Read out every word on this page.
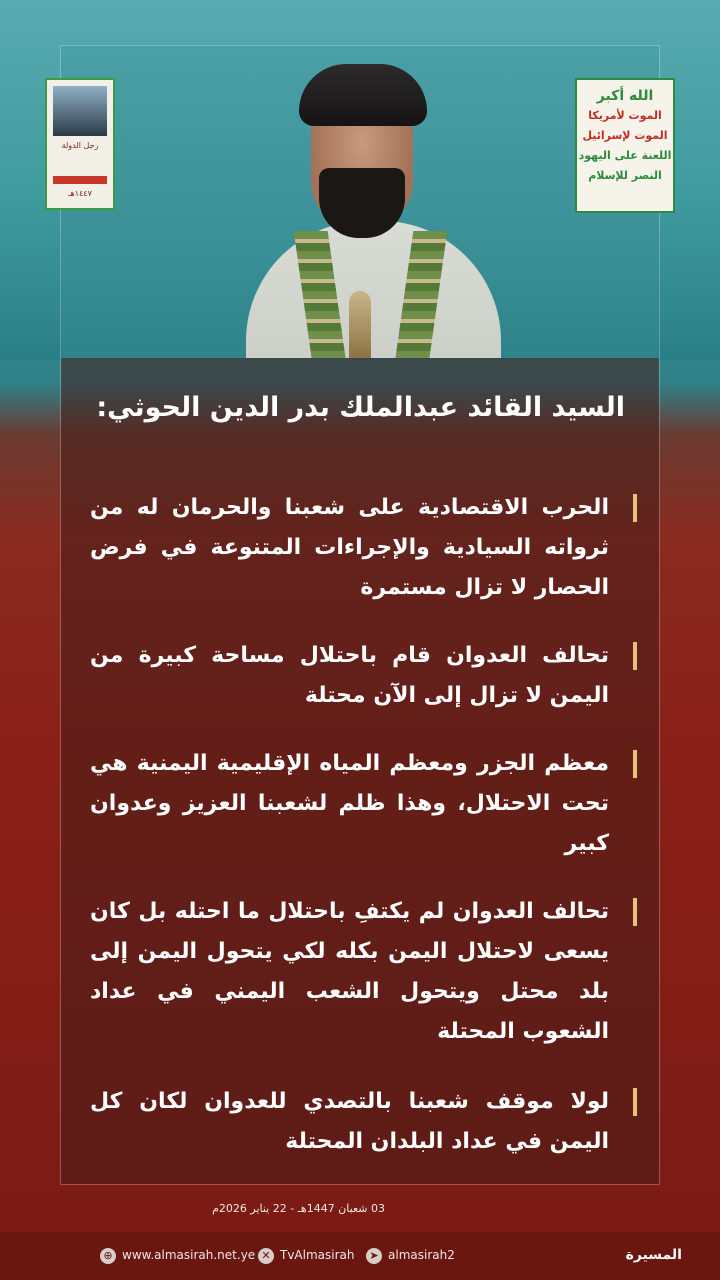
رجل الدولة
١٤٤٧هـ
الله أكبر
الموت لأمريكا
الموت لإسرائيل
اللعنة على اليهود
النصر للإسلام
السيد القائد عبدالملك بدر الدين الحوثي:
الحرب الاقتصادية على شعبنا والحرمان له من ثرواته السيادية والإجراءات المتنوعة في فرض الحصار لا تزال مستمرة
تحالف العدوان قام باحتلال مساحة كبيرة من اليمن لا تزال إلى الآن محتلة
معظم الجزر ومعظم المياه الإقليمية اليمنية هي تحت الاحتلال، وهذا ظلم لشعبنا العزيز وعدوان كبير
تحالف العدوان لم يكتفِ باحتلال ما احتله بل كان يسعى لاحتلال اليمن بكله لكي يتحول اليمن إلى بلد محتل ويتحول الشعب اليمني في عداد الشعوب المحتلة
لولا موقف شعبنا بالتصدي للعدوان لكان كل اليمن في عداد البلدان المحتلة
03 شعبان 1447هـ - 22 يناير 2026م
⊕ www.almasirah.net.ye ✕ TvAlmasirah	➤ almasirah2	المسيرة
